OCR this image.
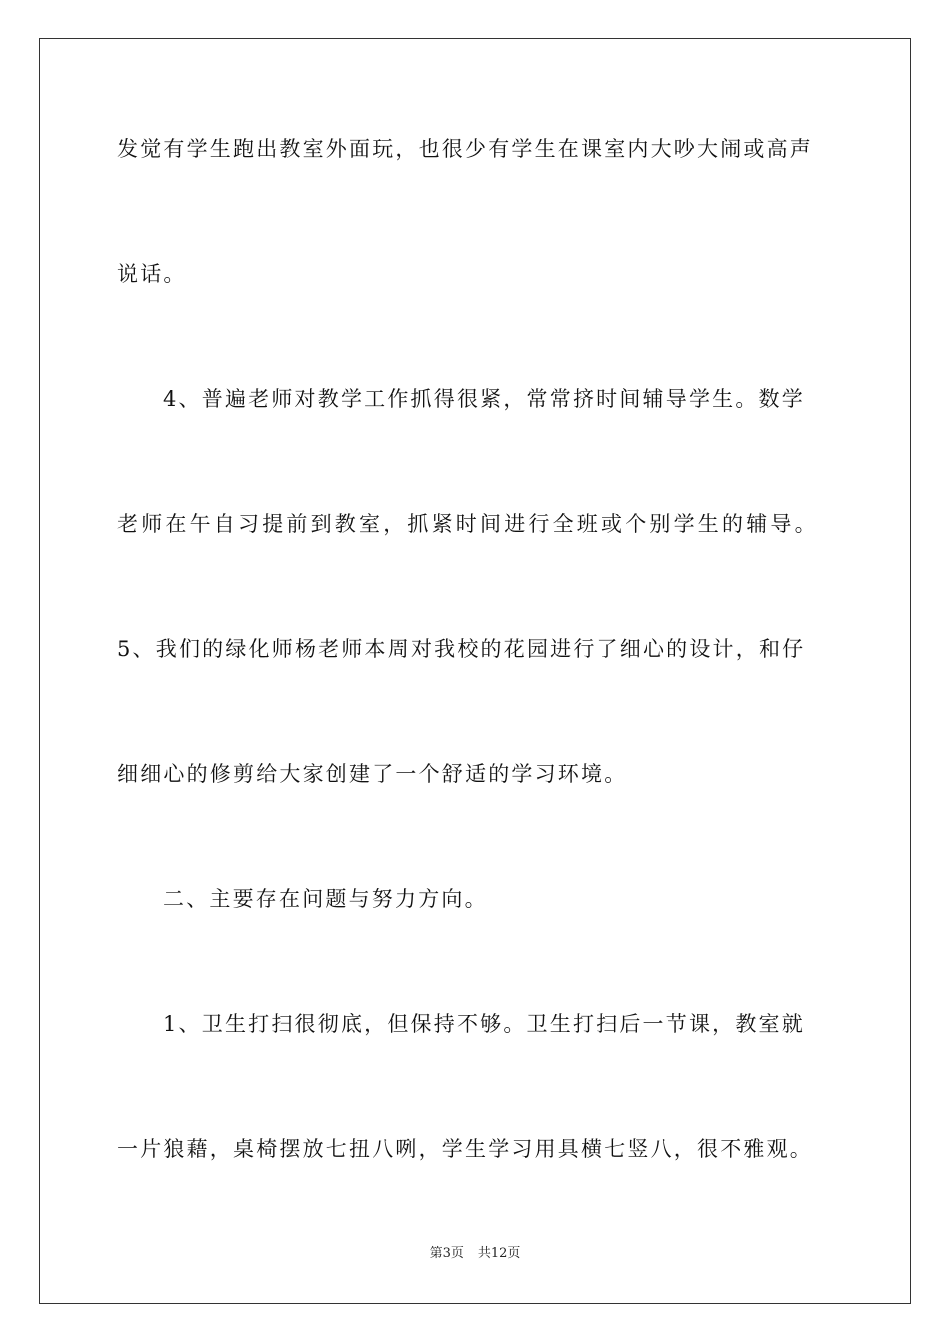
发觉有学生跑出教室外面玩，也很少有学生在课室内大吵大闹或高声
说话。
4、普遍老师对教学工作抓得很紧，常常挤时间辅导学生。数学
老师在午自习提前到教室，抓紧时间进行全班或个别学生的辅导。
5、我们的绿化师杨老师本周对我校的花园进行了细心的设计，和仔
细细心的修剪给大家创建了一个舒适的学习环境。
二、主要存在问题与努力方向。
1、卫生打扫很彻底，但保持不够。卫生打扫后一节课，教室就
一片狼藉，桌椅摆放七扭八咧，学生学习用具横七竖八，很不雅观。
第3页 共12页
